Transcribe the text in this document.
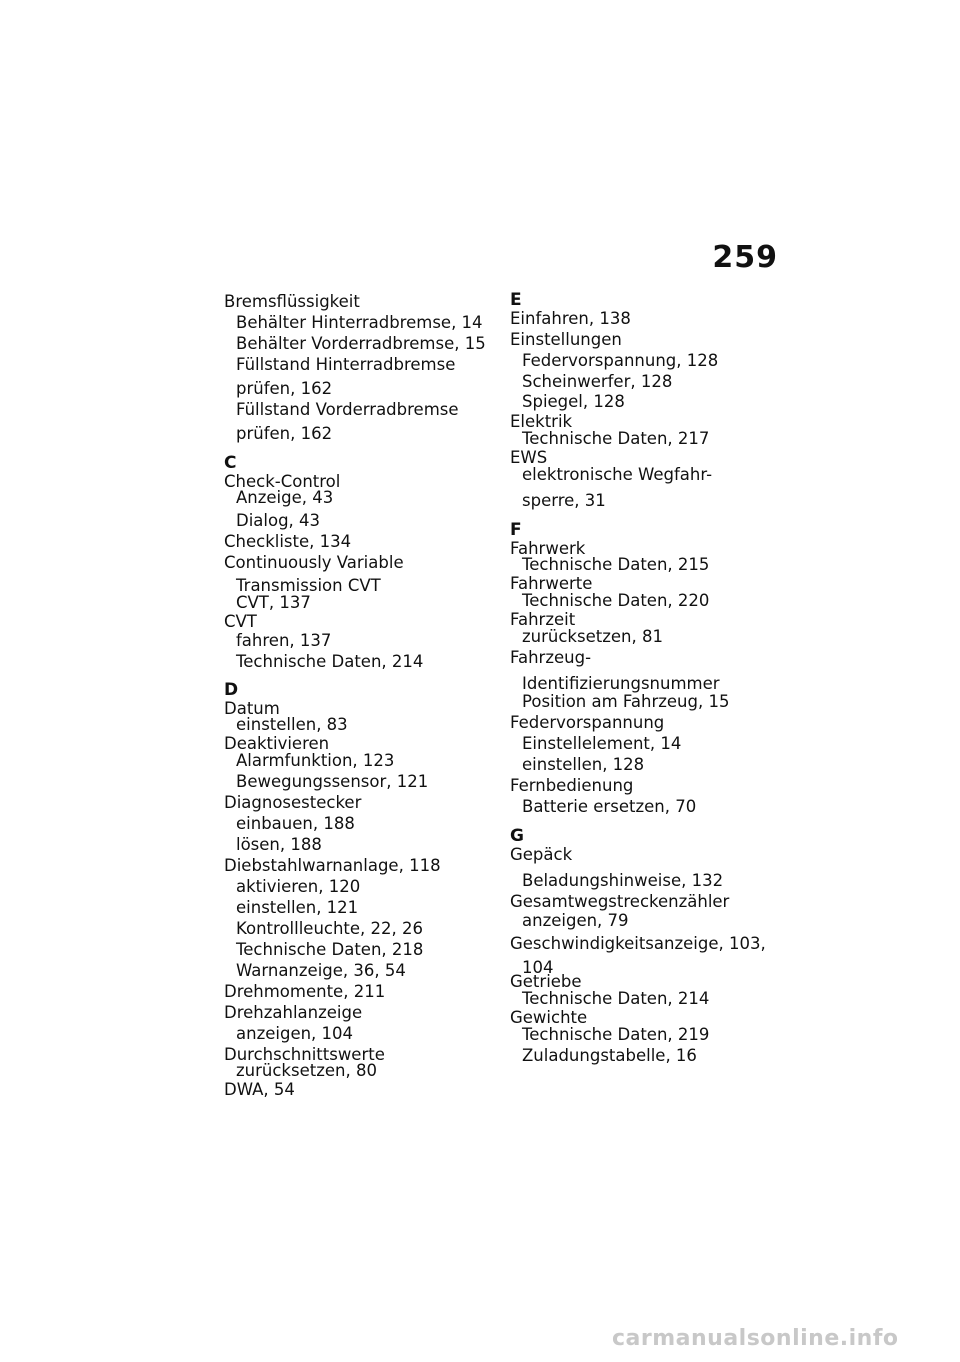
259
Bremsflüssigkeit
Behälter Hinterradbremse, 14
Behälter Vorderradbremse, 15
Füllstand Hinterradbremse
prüfen, 162
Füllstand Vorderradbremse
prüfen, 162
C
Check-Control
Anzeige, 43
Dialog, 43
Checkliste, 134
Continuously Variable
Transmission CVT
CVT, 137
CVT
fahren, 137
Technische Daten, 214
D
Datum
einstellen, 83
Deaktivieren
Alarmfunktion, 123
Bewegungssensor, 121
Diagnosestecker
einbauen, 188
lösen, 188
Diebstahlwarnanlage, 118
aktivieren, 120
einstellen, 121
Kontrollleuchte, 22, 26
Technische Daten, 218
Warnanzeige, 36, 54
Drehmomente, 211
Drehzahlanzeige
anzeigen, 104
Durchschnittswerte
zurücksetzen, 80
DWA, 54
E
Einfahren, 138
Einstellungen
Federvorspannung, 128
Scheinwerfer, 128
Spiegel, 128
Elektrik
Technische Daten, 217
EWS
elektronische Wegfahr-
sperre, 31
F
Fahrwerk
Technische Daten, 215
Fahrwerte
Technische Daten, 220
Fahrzeit
zurücksetzen, 81
Fahrzeug-
Identifizierungsnummer
Position am Fahrzeug, 15
Federvorspannung
Einstellelement, 14
einstellen, 128
Fernbedienung
Batterie ersetzen, 70
G
Gepäck
Beladungshinweise, 132
Gesamtwegstreckenzähler
anzeigen, 79
Geschwindigkeitsanzeige, 103,
104
Getriebe
Technische Daten, 214
Gewichte
Technische Daten, 219
Zuladungstabelle, 16
carmanualsonline.info
